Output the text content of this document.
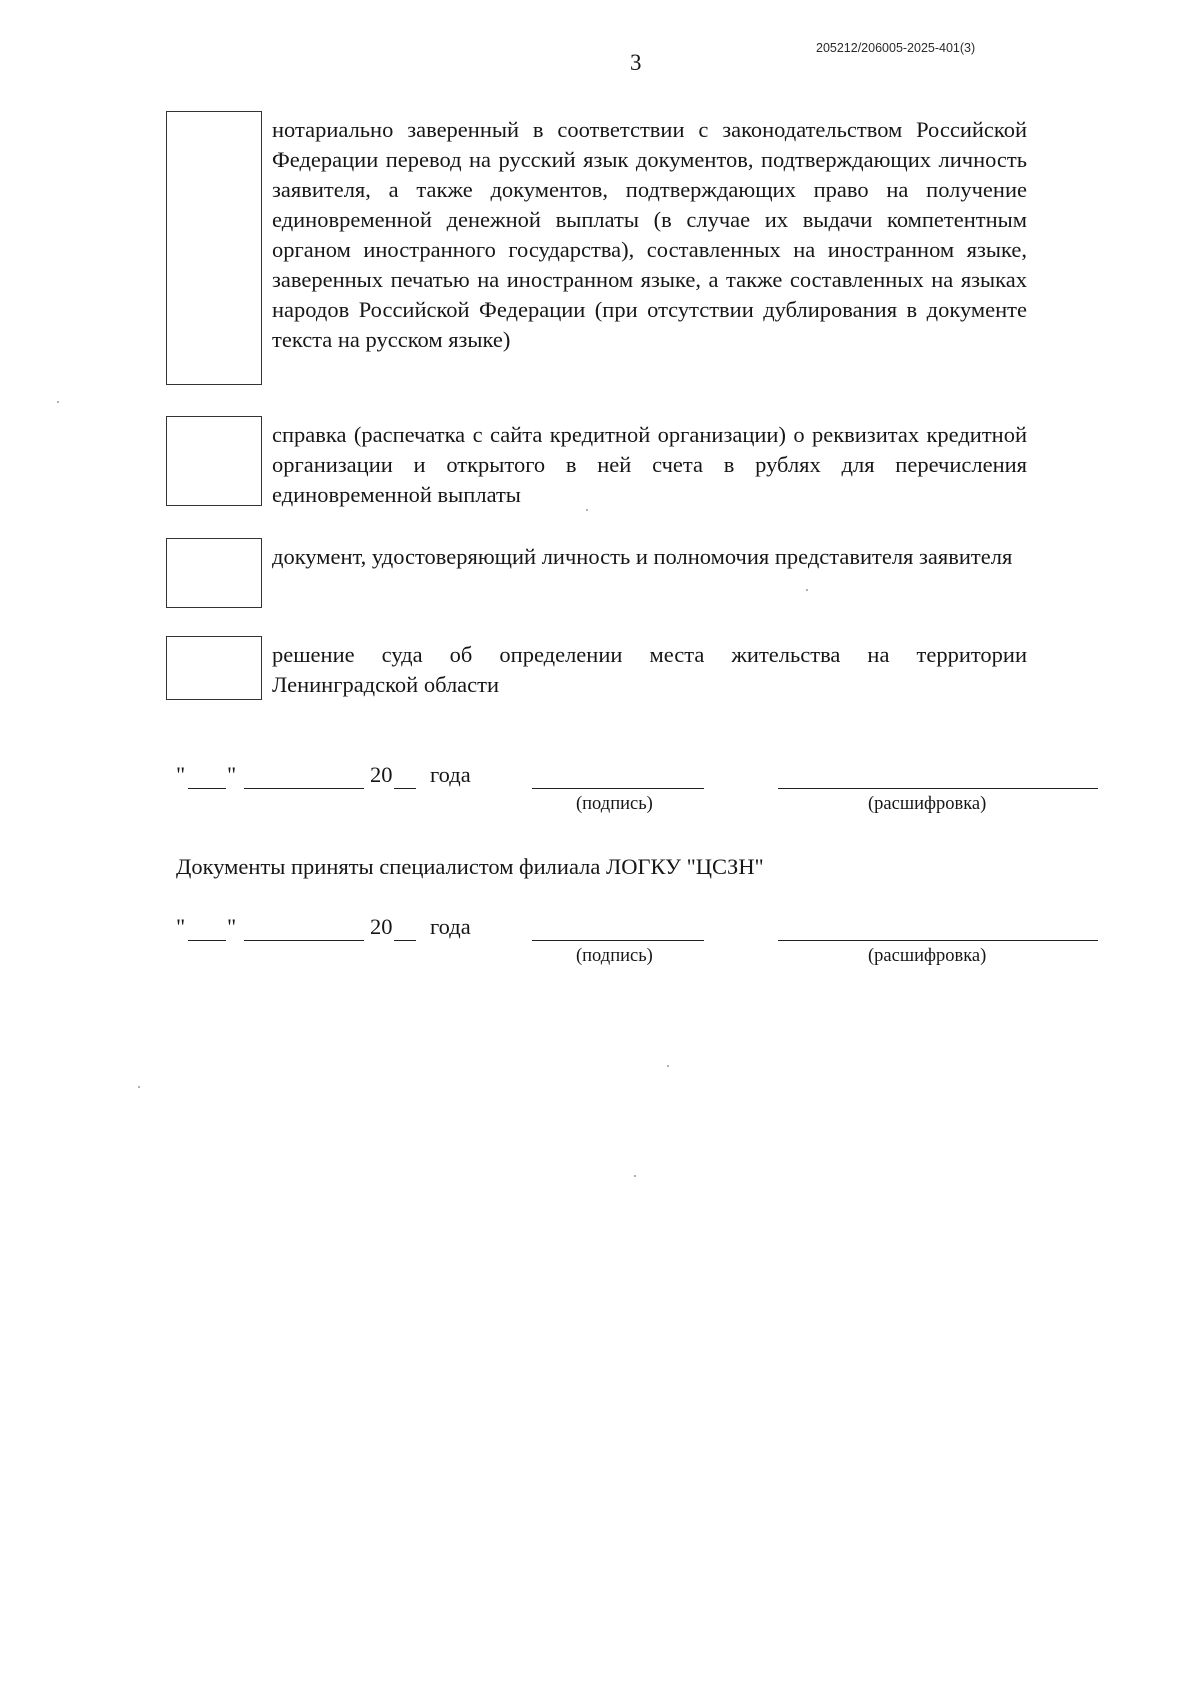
205212/206005-2025-401(3)
3
нотариально заверенный в соответствии с законодательством Российской Федерации перевод на русский язык документов, подтверждающих личность заявителя, а также документов, подтверждающих право на получение единовременной денежной выплаты (в случае их выдачи компетентным органом иностранного государства), составленных на иностранном языке, заверенных печатью на иностранном языке, а также составленных на языках народов Российской Федерации (при отсутствии дублирования в документе текста на русском языке)
справка (распечатка с сайта кредитной организации) о реквизитах кредитной организации и открытого в ней счета в рублях для перечисления единовременной выплаты
документ, удостоверяющий личность и полномочия представителя заявителя
решение суда об определении места жительства на территории Ленинградской области
" "	20 года
(подпись)	(расшифровка)
Документы приняты специалистом филиала ЛОГКУ "ЦСЗН"
" "	20 года
(подпись)	(расшифровка)
